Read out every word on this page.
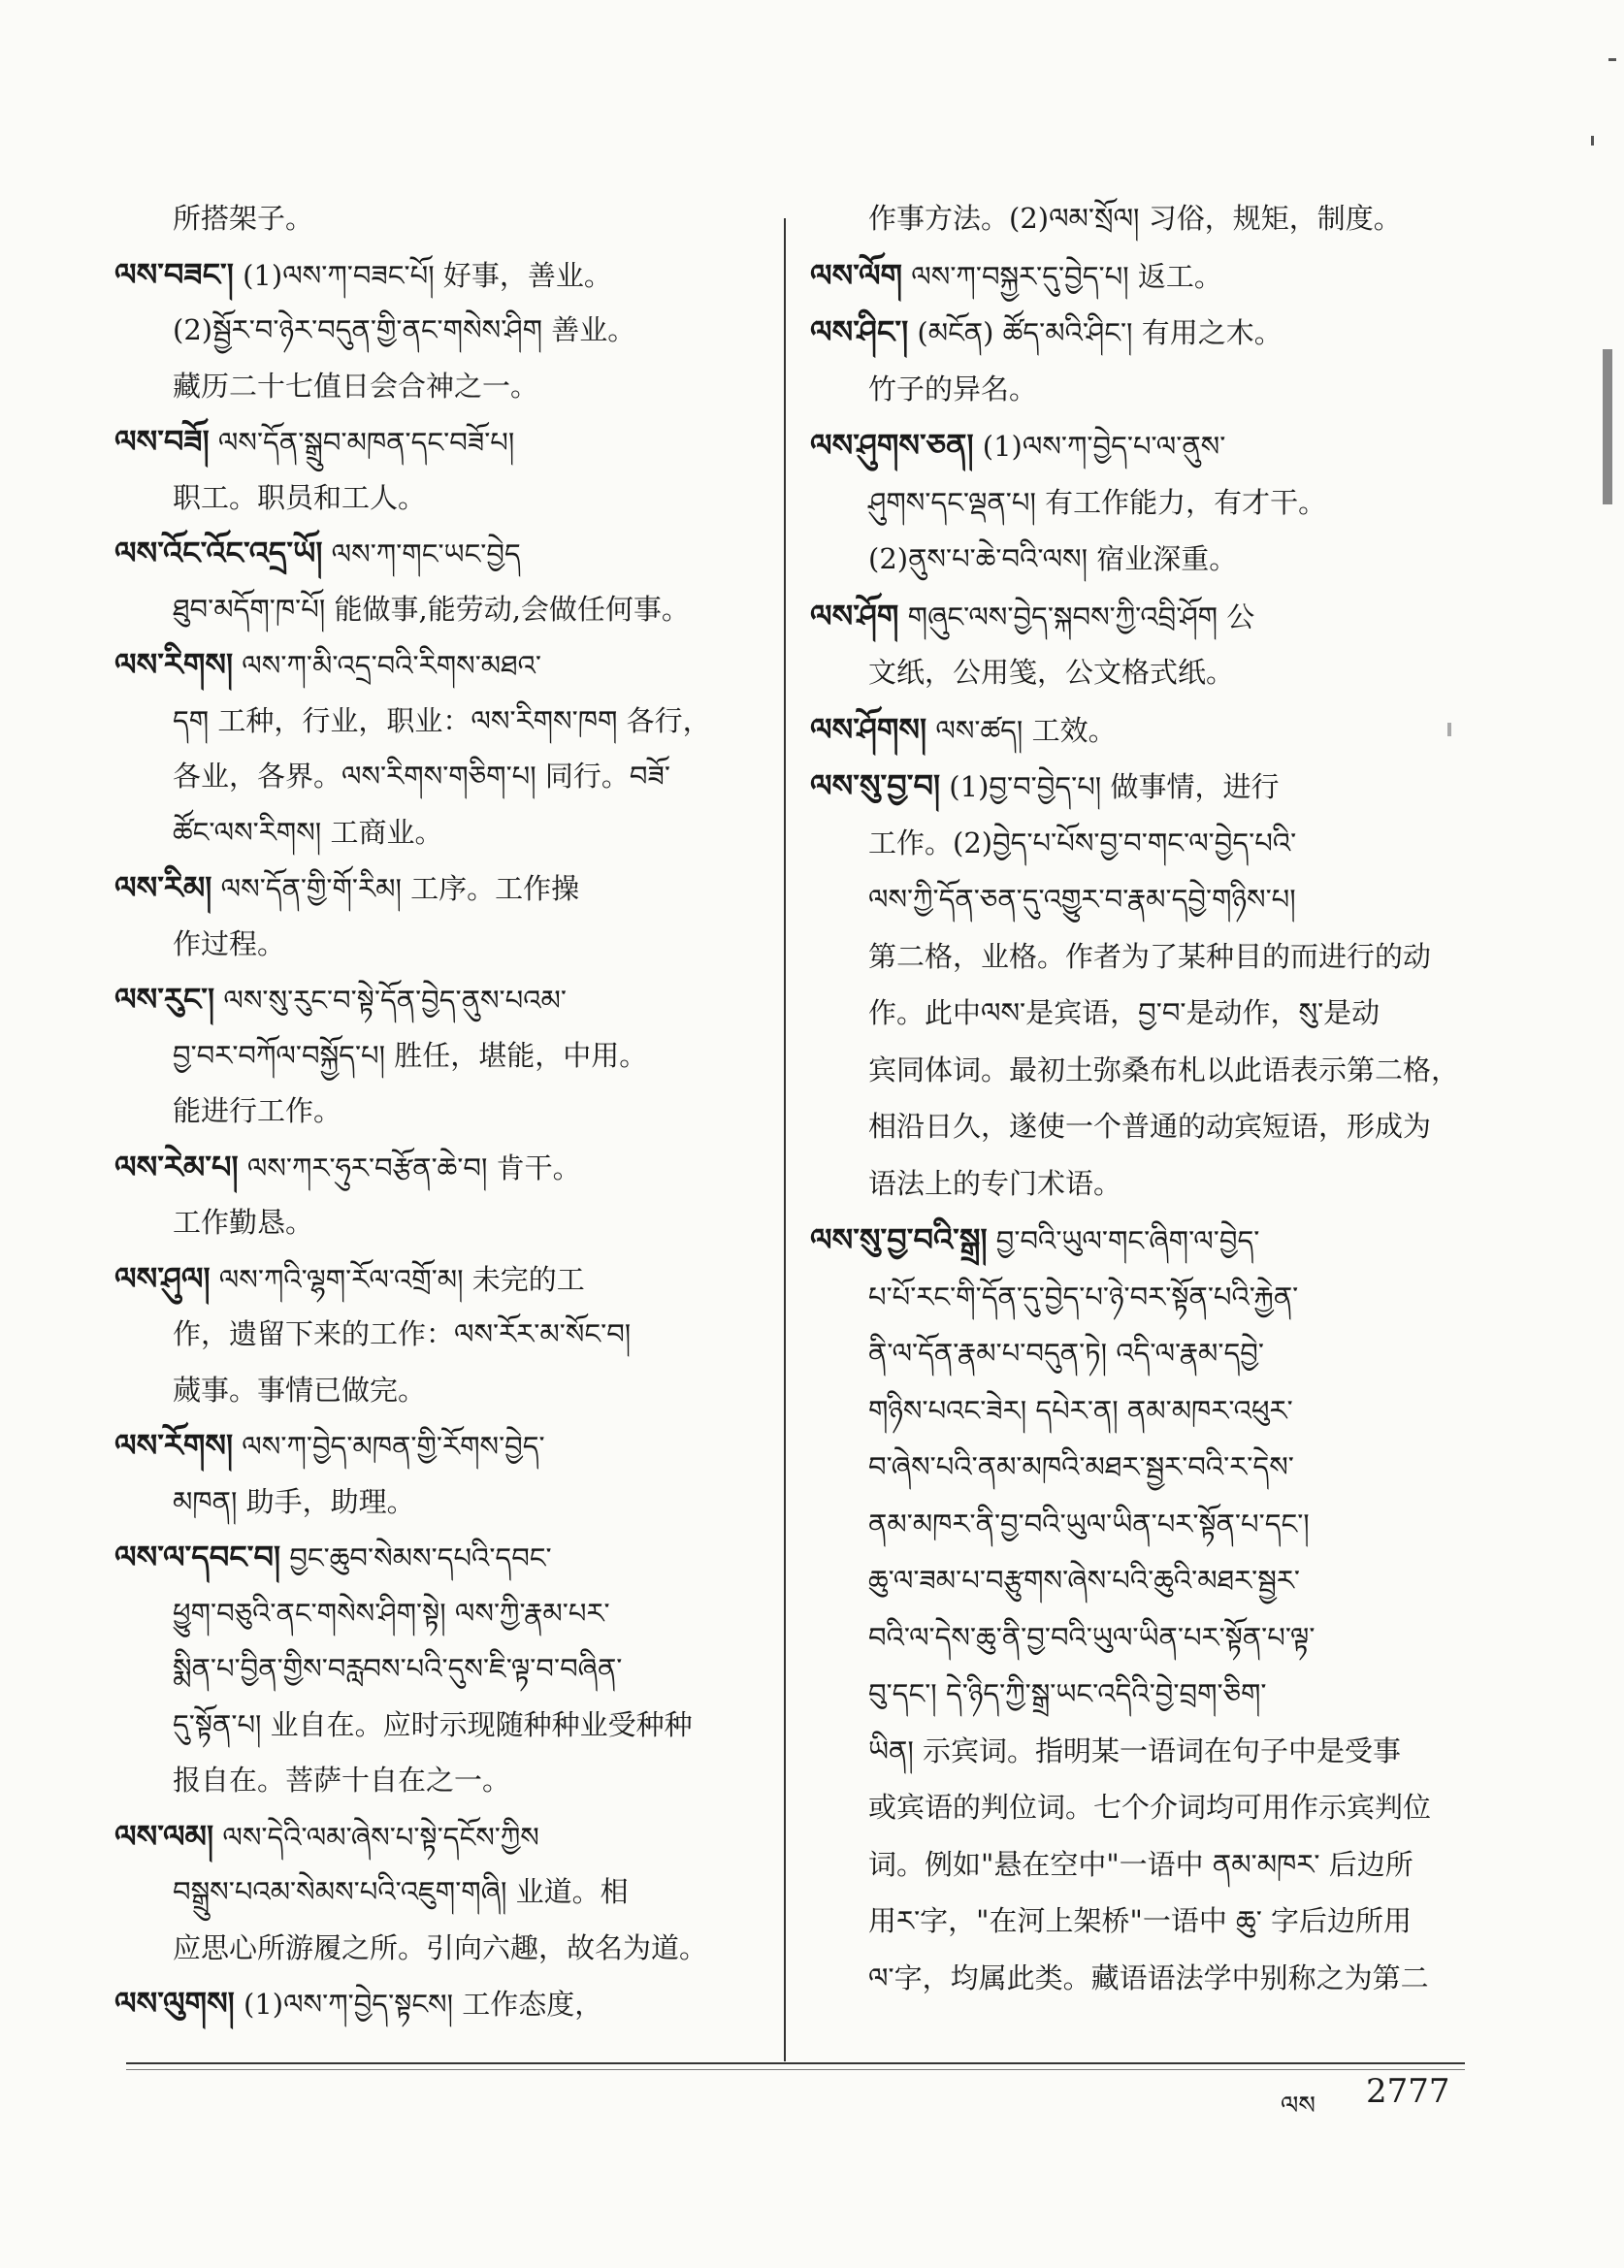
所搭架子。
ལས་བཟང་། (1)ལས་ཀ་བཟང་པོ། 好事，善业。
(2)སྦྱོར་བ་ཉེར་བདུན་གྱི་ནང་གསེས་ཤིག 善业。
藏历二十七值日会合神之一。
ལས་བཟོ། ལས་དོན་སྒྲུབ་མཁན་དང་བཟོ་པ།
职工。职员和工人。
ལས་འོང་འོང་འདྲ་ཡོ། ལས་ཀ་གང་ཡང་བྱེད
ཐུབ་མདོག་ཁ་པོ། 能做事,能劳动,会做任何事。
ལས་རིགས། ལས་ཀ་མི་འདྲ་བའི་རིགས་མཐའ་
དག 工种，行业，职业：ལས་རིགས་ཁག 各行，
各业，各界。ལས་རིགས་གཅིག་པ། 同行。བཟོ་
ཚོང་ལས་རིགས། 工商业。
ལས་རིམ། ལས་དོན་གྱི་གོ་རིམ། 工序。工作操
作过程。
ལས་རུང་། ལས་སུ་རུང་བ་སྟེ་དོན་བྱེད་ནུས་པའམ་
བྱ་བར་བཀོལ་བསྐྱོད་པ། 胜任，堪能，中用。
能进行工作。
ལས་རེམ་པ། ལས་ཀར་ཧུར་བརྩོན་ཆེ་བ། 肯干。
工作勤恳。
ལས་ཤུལ། ལས་ཀའི་ལྷག་རོལ་འགྲོ་མ། 未完的工
作，遗留下来的工作：ལས་རོར་མ་སོང་བ།
蒇事。事情已做完。
ལས་རོགས། ལས་ཀ་བྱེད་མཁན་གྱི་རོགས་བྱེད་
མཁན། 助手，助理。
ལས་ལ་དབང་བ། བྱང་ཆུབ་སེམས་དཔའི་དབང་
ཕྱུག་བཅུའི་ནང་གསེས་ཤིག་སྟེ། ལས་ཀྱི་རྣམ་པར་
སྨིན་པ་བྱིན་གྱིས་བརླབས་པའི་དུས་ཇི་ལྟ་བ་བཞིན་
དུ་སྟོན་པ། 业自在。应时示现随种种业受种种
报自在。菩萨十自在之一。
ལས་ལམ། ལས་དེའི་ལམ་ཞེས་པ་སྟེ་དངོས་ཀྱིས
བསྒྲུས་པའམ་སེམས་པའི་འཇུག་གཞི། 业道。相
应思心所游履之所。引向六趣，故名为道。
ལས་ལུགས། (1)ལས་ཀ་བྱེད་སྟངས། 工作态度，
作事方法。(2)ལམ་སྲོལ། 习俗，规矩，制度。
ལས་ལོག ལས་ཀ་བསྐྱར་དུ་བྱེད་པ། 返工。
ལས་ཤིང་། (མངོན) ཚོད་མའི་ཤིང་། 有用之木。
竹子的异名。
ལས་ཤུགས་ཅན། (1)ལས་ཀ་བྱེད་པ་ལ་ནུས་
ཤུགས་དང་ལྡན་པ། 有工作能力，有才干。
(2)ནུས་པ་ཆེ་བའི་ལས། 宿业深重。
ལས་ཤོག གཞུང་ལས་བྱེད་སྐབས་ཀྱི་འབྲི་ཤོག 公
文纸，公用笺，公文格式纸。
ལས་ཤོགས། ལས་ཚད། 工效。
ལས་སུ་བྱ་བ། (1)བྱ་བ་བྱེད་པ། 做事情，进行
工作。(2)བྱེད་པ་པོས་བྱ་བ་གང་ལ་བྱེད་པའི་
ལས་ཀྱི་དོན་ཅན་དུ་འགྱུར་བ་རྣམ་དབྱེ་གཉིས་པ།
第二格，业格。作者为了某种目的而进行的动
作。此中ལས་是宾语，བྱ་བ་是动作，སུ་是动
宾同体词。最初土弥桑布札以此语表示第二格，
相沿日久，遂使一个普通的动宾短语，形成为
语法上的专门术语。
ལས་སུ་བྱ་བའི་སྒྲ། བྱ་བའི་ཡུལ་གང་ཞིག་ལ་བྱེད་
པ་པོ་རང་གི་དོན་དུ་བྱེད་པ་ཉེ་བར་སྟོན་པའི་རྐྱེན་
ནི་ལ་དོན་རྣམ་པ་བདུན་ཏེ། འདི་ལ་རྣམ་དབྱེ་
གཉིས་པའང་ཟེར། དཔེར་ན། ནམ་མཁར་འཕུར་
བ་ཞེས་པའི་ནམ་མཁའི་མཐར་སྦྱར་བའི་ར་དེས་
ནམ་མཁར་ནི་བྱ་བའི་ཡུལ་ཡིན་པར་སྟོན་པ་དང་།
ཆུ་ལ་ཟམ་པ་བརྩུགས་ཞེས་པའི་ཆུའི་མཐར་སྦྱར་
བའི་ལ་དེས་ཆུ་ནི་བྱ་བའི་ཡུལ་ཡིན་པར་སྟོན་པ་ལྟ་
བུ་དང་། དེ་ཉིད་ཀྱི་སྒྲ་ཡང་འདིའི་བྱེ་བྲག་ཅིག་
ཡིན། 示宾词。指明某一语词在句子中是受事
或宾语的判位词。七个介词均可用作示宾判位
词。例如"悬在空中"一语中 ནམ་མཁར་ 后边所
用ར་字，"在河上架桥"一语中 ཆུ་ 字后边所用
ལ་字，均属此类。藏语语法学中别称之为第二
ལས 2777
